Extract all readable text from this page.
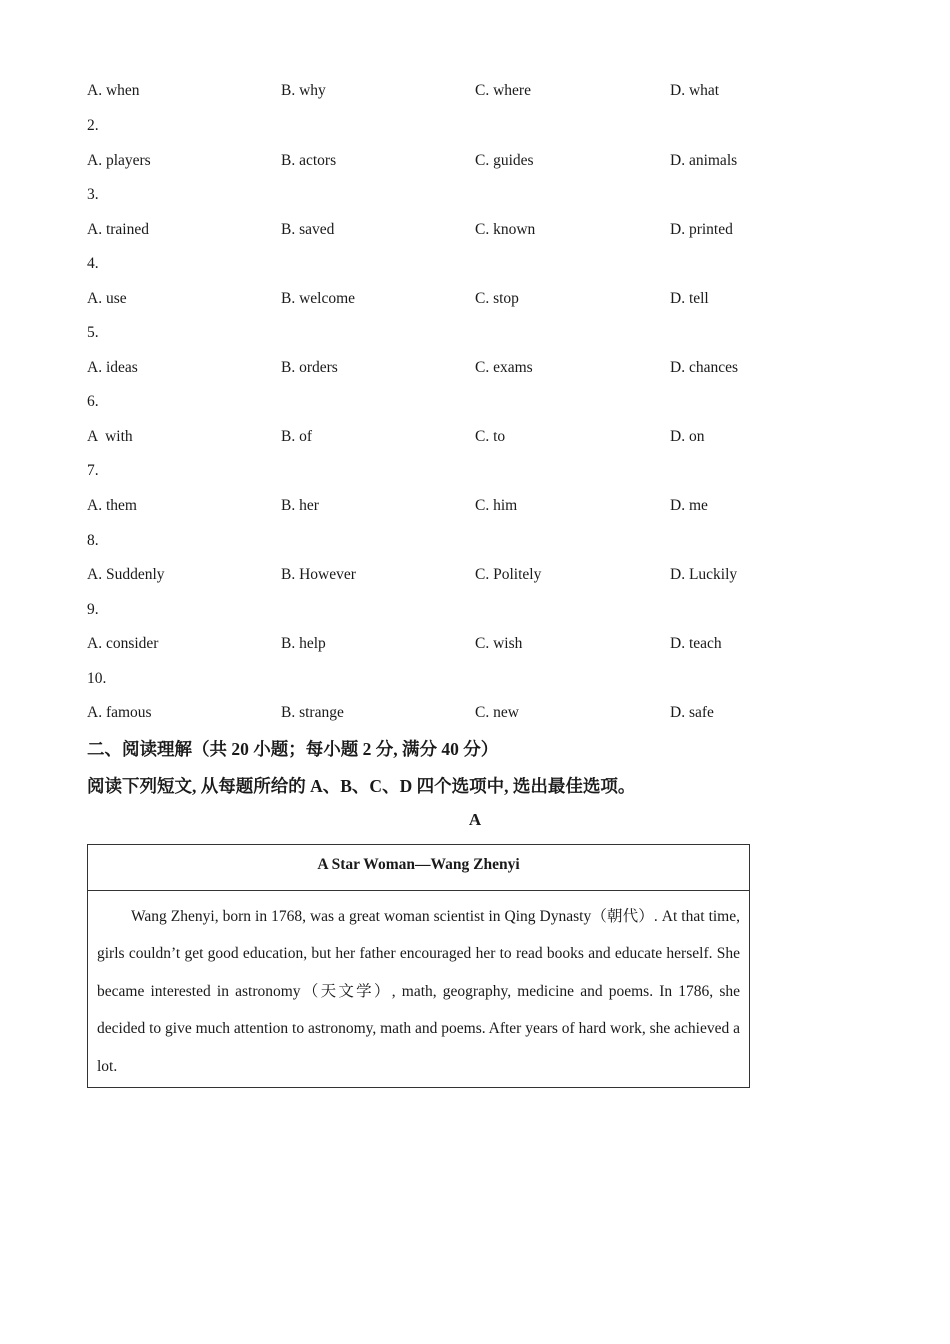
A. when	B. why	C. where	D. what
2.
A. players	B. actors	C. guides	D. animals
3.
A. trained	B. saved	C. known	D. printed
4.
A. use	B. welcome	C. stop	D. tell
5.
A. ideas	B. orders	C. exams	D. chances
6.
A  with	B. of	C. to	D. on
7.
A. them	B. her	C. him	D. me
8.
A. Suddenly	B. However	C. Politely	D. Luckily
9.
A. consider	B. help	C. wish	D. teach
10.
A. famous	B. strange	C. new	D. safe
二、阅读理解（共 20 小题；每小题 2 分, 满分 40 分）
阅读下列短文, 从每题所给的 A、B、C、D 四个选项中, 选出最佳选项。
A
A Star Woman—Wang Zhenyi
Wang Zhenyi, born in 1768, was a great woman scientist in Qing Dynasty（朝代）. At that time, girls couldn’t get good education, but her father encouraged her to read books and educate herself. She became interested in astronomy（天文学）, math, geography, medicine and poems. In 1786, she decided to give much attention to astronomy, math and poems. After years of hard work, she achieved a lot.
